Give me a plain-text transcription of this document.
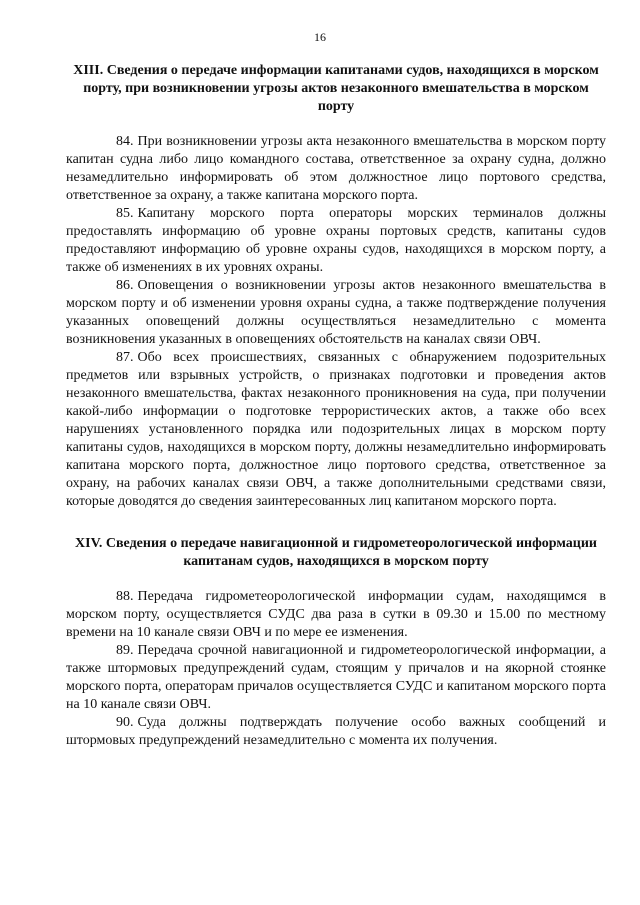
16
XIII. Сведения о передаче информации капитанами судов, находящихся в морском порту, при возникновении угрозы актов незаконного вмешательства в морском порту

84. При возникновении угрозы акта незаконного вмешательства в морском порту капитан судна либо лицо командного состава, ответственное за охрану судна, должно незамедлительно информировать об этом должностное лицо портового средства, ответственное за охрану, а также капитана морского порта.

85. Капитану морского порта операторы морских терминалов должны предоставлять информацию об уровне охраны портовых средств, капитаны судов предоставляют информацию об уровне охраны судов, находящихся в морском порту, а также об изменениях в их уровнях охраны.

86. Оповещения о возникновении угрозы актов незаконного вмешательства в морском порту и об изменении уровня охраны судна, а также подтверждение получения указанных оповещений должны осуществляться незамедлительно с момента возникновения указанных в оповещениях обстоятельств на каналах связи ОВЧ.

87. Обо всех происшествиях, связанных с обнаружением подозрительных предметов или взрывных устройств, о признаках подготовки и проведения актов незаконного вмешательства, фактах незаконного проникновения на суда, при получении какой-либо информации о подготовке террористических актов, а также обо всех нарушениях установленного порядка или подозрительных лицах в морском порту капитаны судов, находящихся в морском порту, должны незамедлительно информировать капитана морского порта, должностное лицо портового средства, ответственное за охрану, на рабочих каналах связи ОВЧ, а также дополнительными средствами связи, которые доводятся до сведения заинтересованных лиц капитаном морского порта.

XIV. Сведения о передаче навигационной и гидрометеорологической информации капитанам судов, находящихся в морском порту

88. Передача гидрометеорологической информации судам, находящимся в морском порту, осуществляется СУДС два раза в сутки в 09.30 и 15.00 по местному времени на 10 канале связи ОВЧ и по мере ее изменения.

89. Передача срочной навигационной и гидрометеорологической информации, а также штормовых предупреждений судам, стоящим у причалов и на якорной стоянке морского порта, операторам причалов осуществляется СУДС и капитаном морского порта на 10 канале связи ОВЧ.

90. Суда должны подтверждать получение особо важных сообщений и штормовых предупреждений незамедлительно с момента их получения.
